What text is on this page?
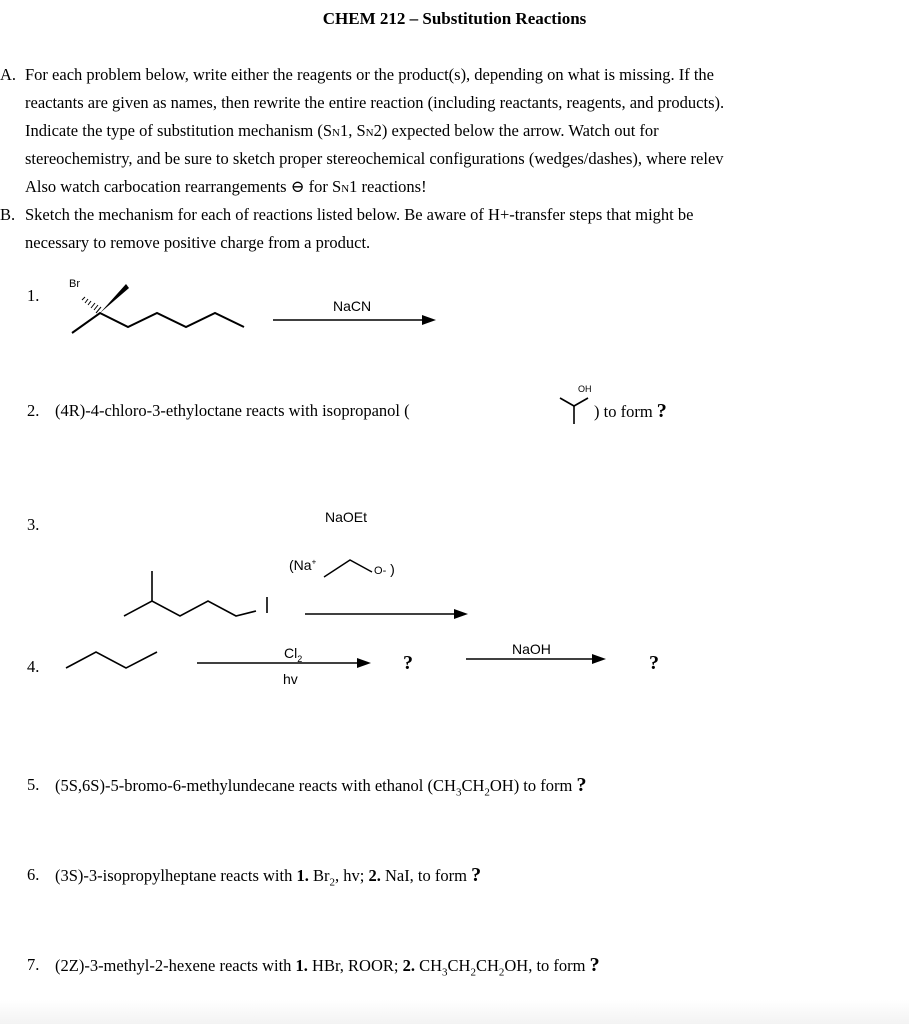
CHEM 212 – Substitution Reactions
A. For each problem below, write either the reagents or the product(s), depending on what is missing. If the
reactants are given as names, then rewrite the entire reaction (including reactants, reagents, and products).
Indicate the type of substitution mechanism (SN1, SN2) expected below the arrow. Watch out for
stereochemistry, and be sure to sketch proper stereochemical configurations (wedges/dashes), where relev
Also watch carbocation rearrangements ⊖ for SN1 reactions!
B. Sketch the mechanism for each of reactions listed below. Be aware of H+-transfer steps that might be
necessary to remove positive charge from a product.
1.
Br
NaCN
2. (4R)-4-chloro-3-ethyloctane reacts with isopropanol (
OH
) to form ?
3.	NaOEt
(Na+
O- )
4.
$Cl_2$
hv
?
NaOH
?
5. (5S,6S)-5-bromo-6-methylundecane reacts with ethanol $(CH_3CH_2OH)$ to form ?
6. (3S)-3-isopropylheptane reacts with 1. $Br_2$, hv; 2. NaI, to form ?
7. (2Z)-3-methyl-2-hexene reacts with 1. HBr, ROOR; 2. $CH_3CH_2CH_2OH$, to form ?
